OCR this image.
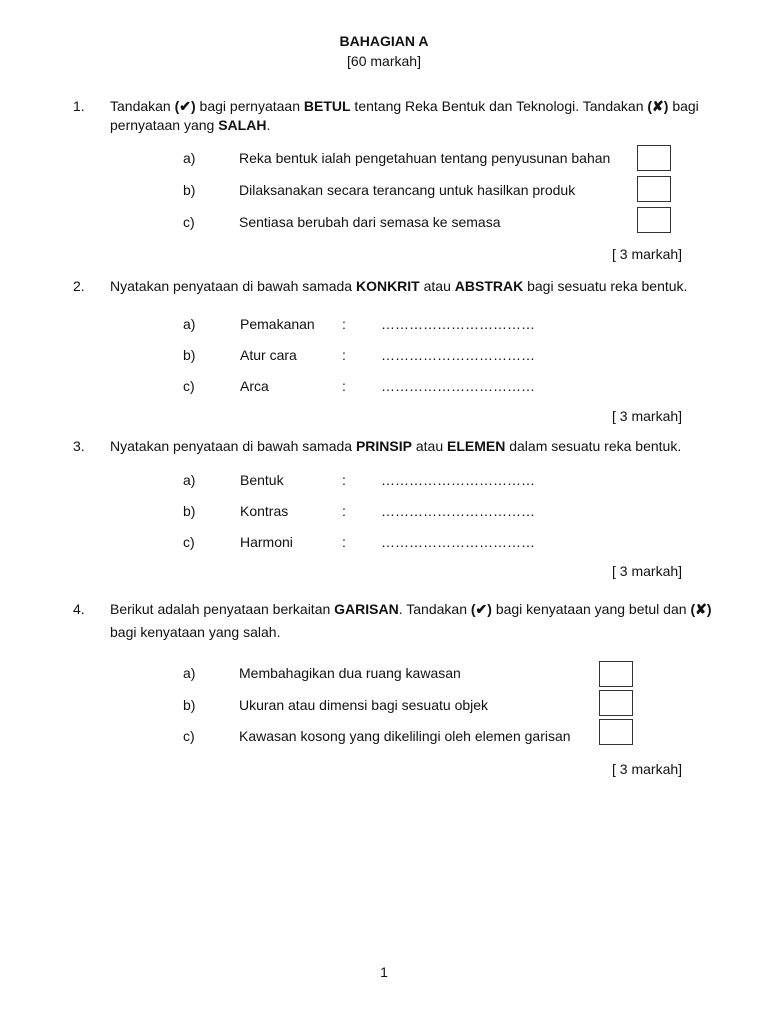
BAHAGIAN A
[60 markah]
1. Tandakan (✔) bagi pernyataan BETUL tentang Reka Bentuk dan Teknologi. Tandakan (✘) bagi
pernyataan yang SALAH.
a)	Reka bentuk ialah pengetahuan tentang penyusunan bahan
b)	Dilaksanakan secara terancang untuk hasilkan produk
c)	Sentiasa berubah dari semasa ke semasa
[ 3 markah]
2. Nyatakan penyataan di bawah samada KONKRIT atau ABSTRAK bagi sesuatu reka bentuk.
a)	Pemakanan :	……………………………
b)	Atur cara	:	……………………………
c)	Arca	:	……………………………
[ 3 markah]
3. Nyatakan penyataan di bawah samada PRINSIP atau ELEMEN dalam sesuatu reka bentuk.
a)	Bentuk	:	……………………………
b)	Kontras	:	……………………………
c)	Harmoni	:	……………………………
[ 3 markah]
4. Berikut adalah penyataan berkaitan GARISAN. Tandakan (✔) bagi kenyataan yang betul dan (✘)
bagi kenyataan yang salah.
a)	Membahagikan dua ruang kawasan
b)	Ukuran atau dimensi bagi sesuatu objek
c)	Kawasan kosong yang dikelilingi oleh elemen garisan
[ 3 markah]
1
